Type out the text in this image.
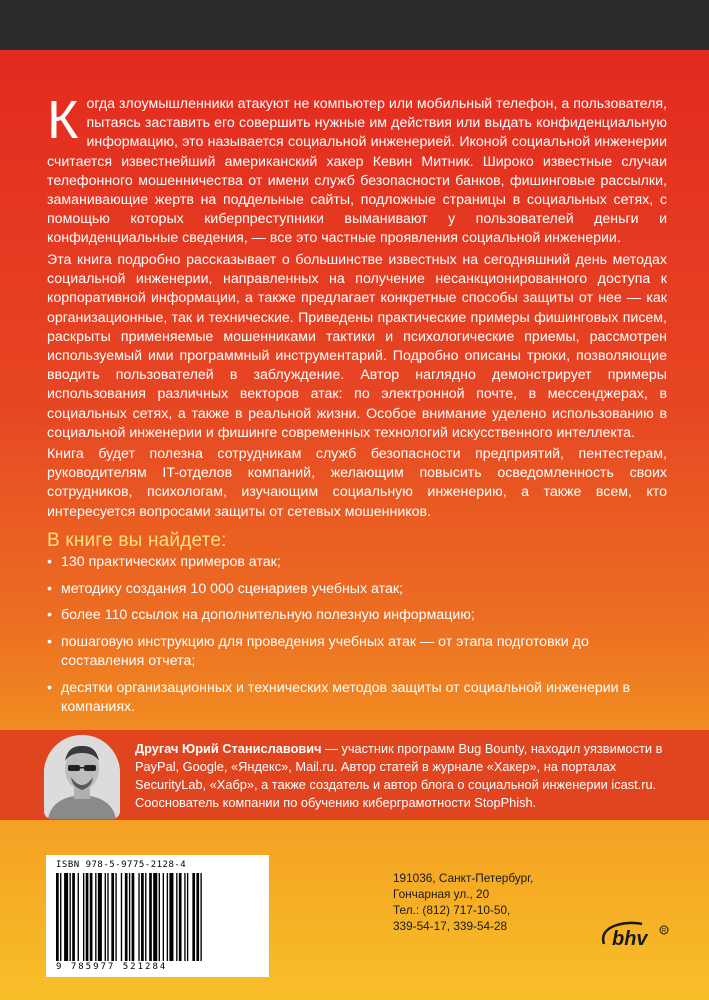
Когда злоумышленники атакуют не компьютер или мобильный телефон, а пользователя, пытаясь заставить его совершить нужные им действия или выдать конфиденциальную информацию, это называется социальной инженерией. Иконой социальной инженерии считается известнейший американский хакер Кевин Митник. Широко известные случаи телефонного мошенничества от имени служб безопасности банков, фишинговые рассылки, заманивающие жертв на поддельные сайты, подложные страницы в социальных сетях, с помощью которых киберпреступники выманивают у пользователей деньги и конфиденциальные сведения, — все это частные проявления социальной инженерии.
Эта книга подробно рассказывает о большинстве известных на сегодняшний день методах социальной инженерии, направленных на получение несанкционированного доступа к корпоративной информации, а также предлагает конкретные способы защиты от нее — как организационные, так и технические. Приведены практические примеры фишинговых писем, раскрыты применяемые мошенниками тактики и психологические приемы, рассмотрен используемый ими программный инструментарий. Подробно описаны трюки, позволяющие вводить пользователей в заблуждение. Автор наглядно демонстрирует примеры использования различных векторов атак: по электронной почте, в мессенджерах, в социальных сетях, а также в реальной жизни. Особое внимание уделено использованию в социальной инженерии и фишинге современных технологий искусственного интеллекта.
Книга будет полезна сотрудникам служб безопасности предприятий, пентестерам, руководителям IT-отделов компаний, желающим повысить осведомленность своих сотрудников, психологам, изучающим социальную инженерию, а также всем, кто интересуется вопросами защиты от сетевых мошенников.
В книге вы найдете:
• 130 практических примеров атак;
• методику создания 10 000 сценариев учебных атак;
• более 110 ссылок на дополнительную полезную информацию;
• пошаговую инструкцию для проведения учебных атак — от этапа подготовки до составления отчета;
• десятки организационных и технических методов защиты от социальной инженерии в компаниях.
Другач Юрий Станиславович — участник программ Bug Bounty, находил уязвимости в PayPal, Google, «Яндекс», Mail.ru. Автор статей в журнале «Хакер», на порталах SecurityLab, «Хабр», а также создатель и автор блога о социальной инженерии icast.ru. Сооснователь компании по обучению киберграмотности StopPhish.
ISBN 978-5-9775-2128-4
9 785977 521284
191036, Санкт-Петербург,
Гончарная ул., 20
Тел.: (812) 717-10-50,
339-54-17, 339-54-28
bhv	R
